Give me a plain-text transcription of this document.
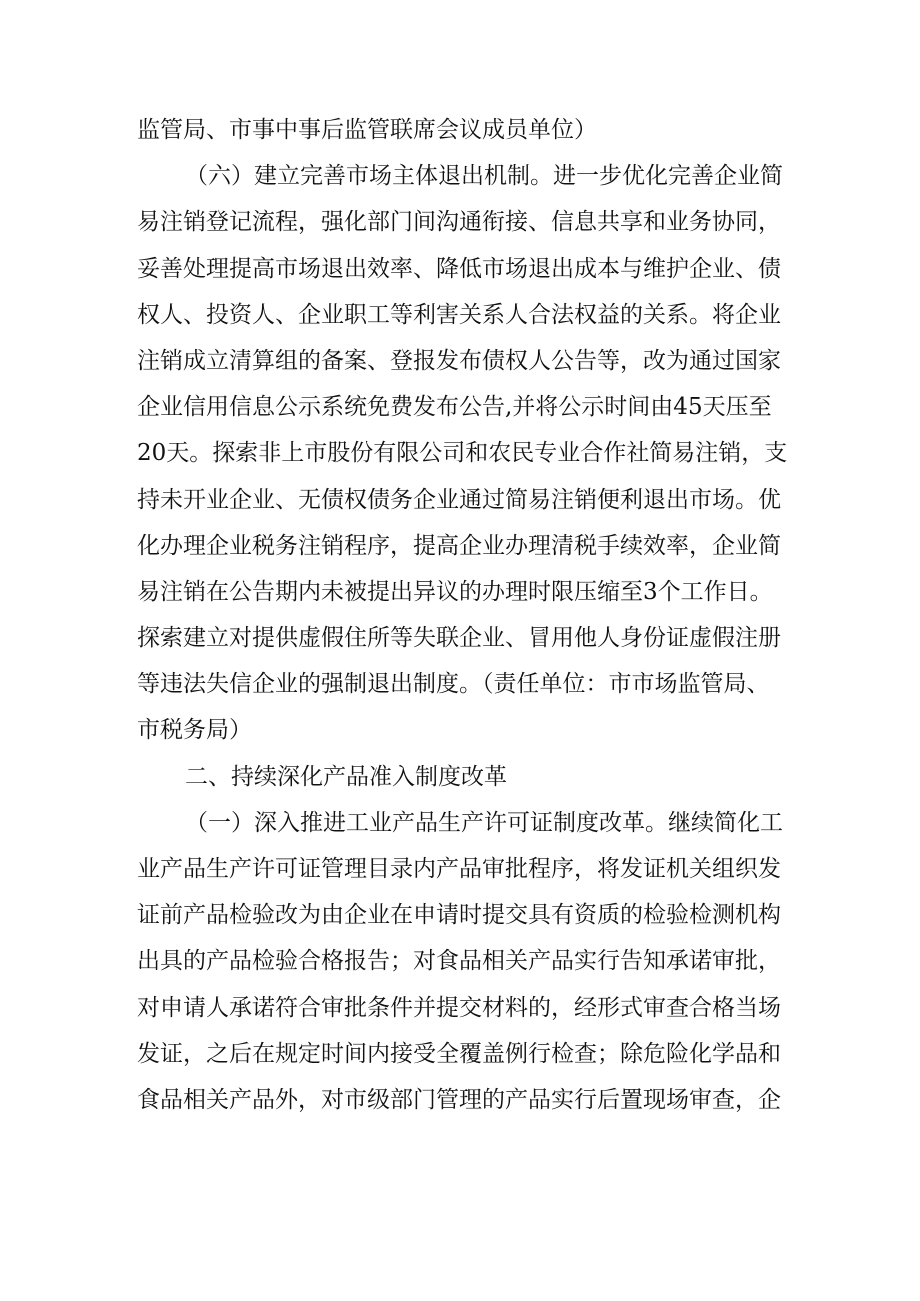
监管局、市事中事后监管联席会议成员单位）
（六）建立完善市场主体退出机制。进一步优化完善企业简
易注销登记流程，强化部门间沟通衔接、信息共享和业务协同，
妥善处理提高市场退出效率、降低市场退出成本与维护企业、债
权人、投资人、企业职工等利害关系人合法权益的关系。将企业
注销成立清算组的备案、登报发布债权人公告等，改为通过国家
企业信用信息公示系统免费发布公告,并将公示时间由45天压至
20天。探索非上市股份有限公司和农民专业合作社简易注销，支
持未开业企业、无债权债务企业通过简易注销便利退出市场。优
化办理企业税务注销程序，提高企业办理清税手续效率，企业简
易注销在公告期内未被提出异议的办理时限压缩至3个工作日。
探索建立对提供虚假住所等失联企业、冒用他人身份证虚假注册
等违法失信企业的强制退出制度。（责任单位：市市场监管局、
市税务局）
二、持续深化产品准入制度改革
（一）深入推进工业产品生产许可证制度改革。继续简化工
业产品生产许可证管理目录内产品审批程序，将发证机关组织发
证前产品检验改为由企业在申请时提交具有资质的检验检测机构
出具的产品检验合格报告；对食品相关产品实行告知承诺审批，
对申请人承诺符合审批条件并提交材料的，经形式审查合格当场
发证，之后在规定时间内接受全覆盖例行检查；除危险化学品和
食品相关产品外，对市级部门管理的产品实行后置现场审查，企
